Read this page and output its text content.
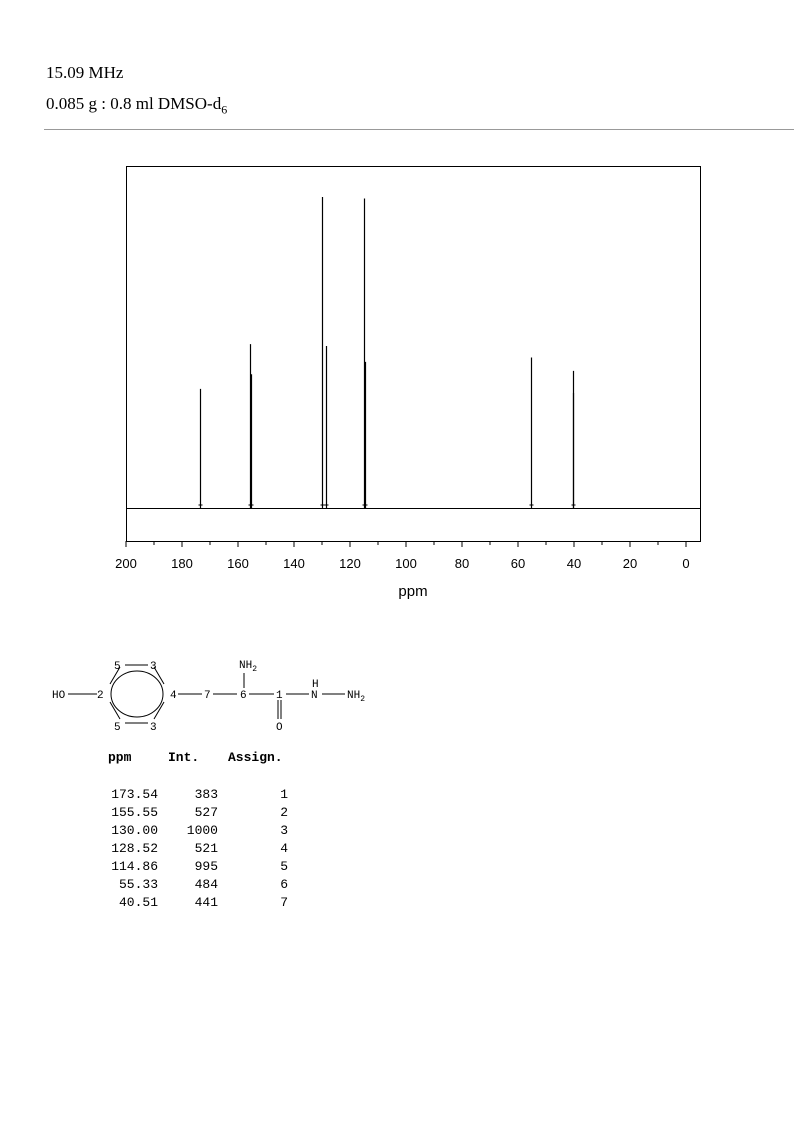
15.09 MHz
0.085 g : 0.8 ml DMSO-$d_6$
200	180	160	140	120	100	80	60	40	20	0
ppm
HO	2
5	3
5	3
4 7	6
$NH_2$
1
O
H
N	$NH_2$
ppm	Int. Assign.
173.54	383	1
155.55	527	2
130.00	1000	3
128.52	521	4
114.86	995	5
55.33	484	6
40.51	441	7
